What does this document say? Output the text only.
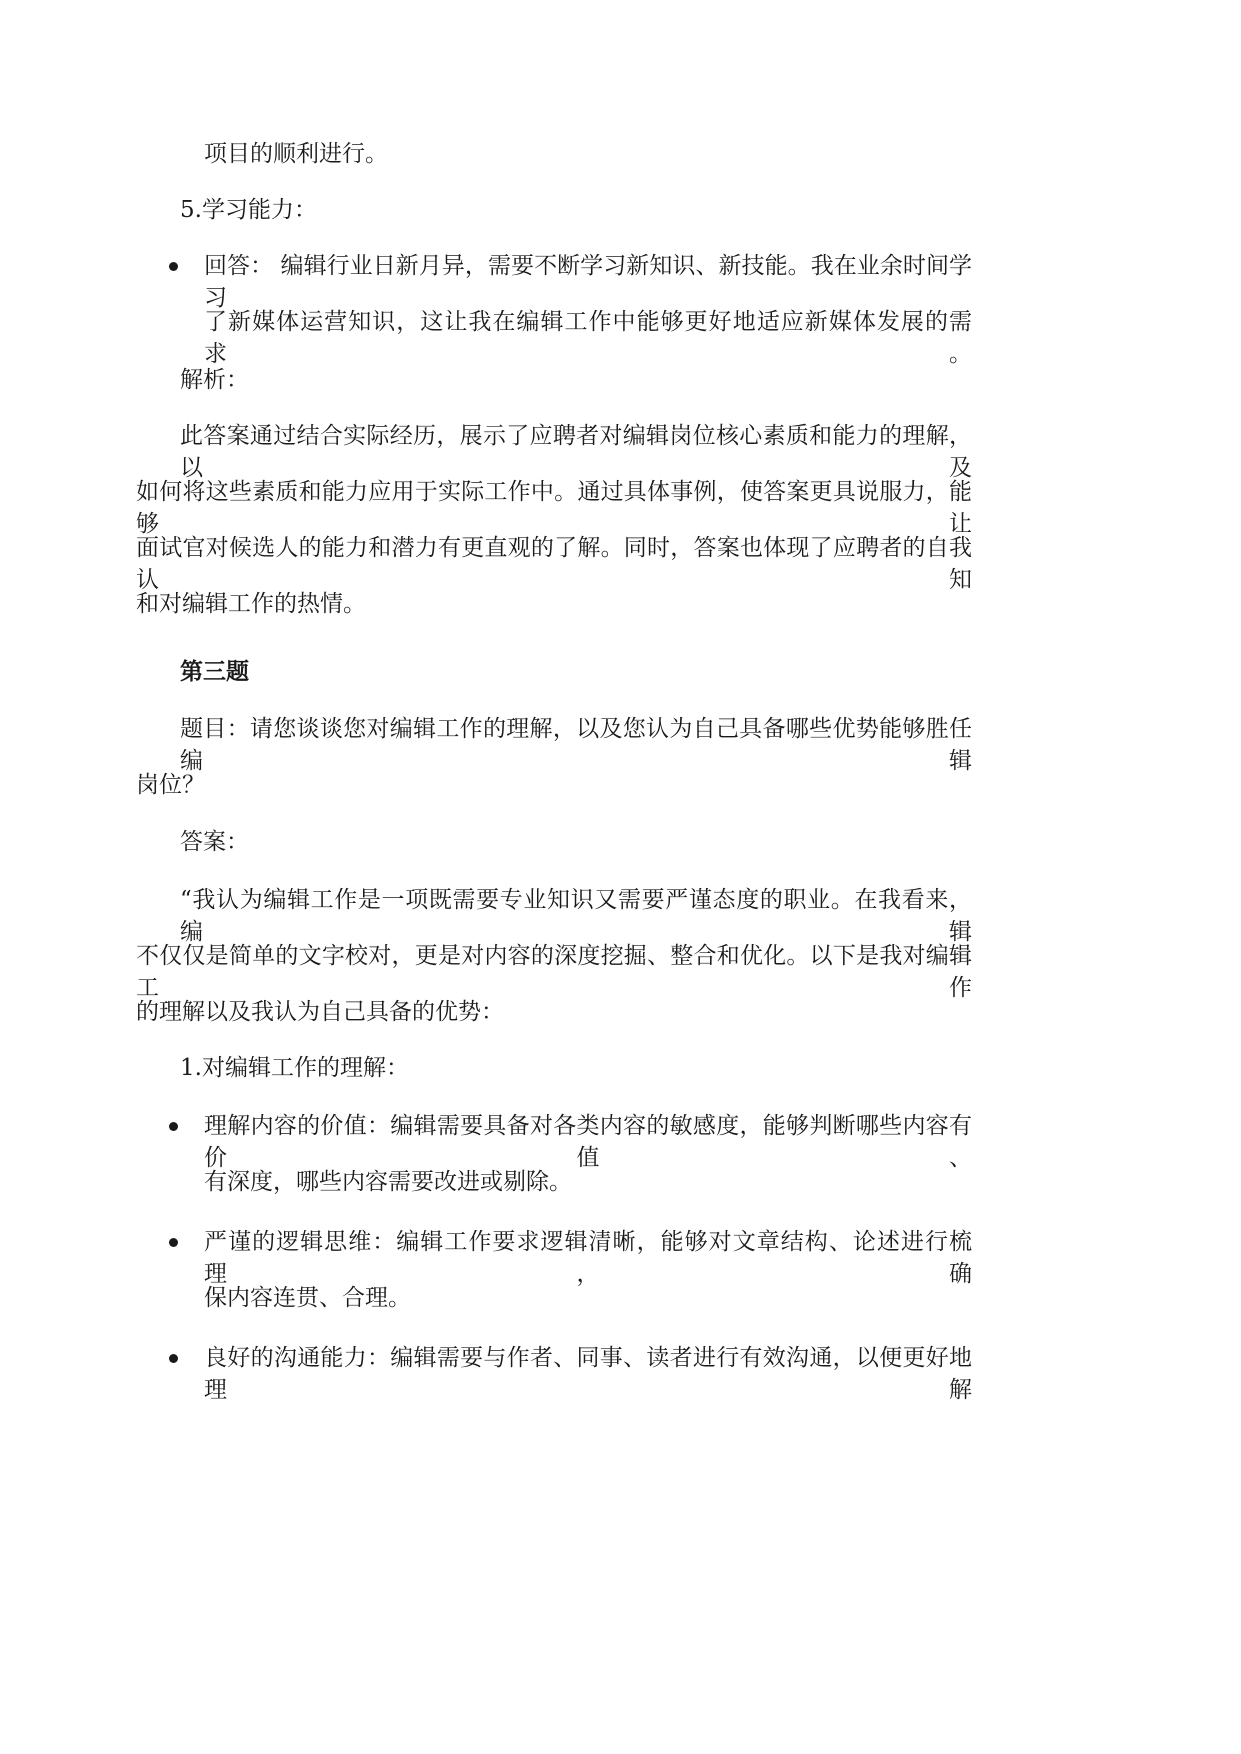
项目的顺利进行。
5.学习能力：
回答： 编辑行业日新月异，需要不断学习新知识、新技能。我在业余时间学习
了新媒体运营知识，这让我在编辑工作中能够更好地适应新媒体发展的需求。
解析：
此答案通过结合实际经历，展示了应聘者对编辑岗位核心素质和能力的理解，以及
如何将这些素质和能力应用于实际工作中。通过具体事例，使答案更具说服力，能够让
面试官对候选人的能力和潜力有更直观的了解。同时，答案也体现了应聘者的自我认知
和对编辑工作的热情。
第三题
题目：请您谈谈您对编辑工作的理解，以及您认为自己具备哪些优势能够胜任编辑
岗位？
答案：
“我认为编辑工作是一项既需要专业知识又需要严谨态度的职业。在我看来，编辑
不仅仅是简单的文字校对，更是对内容的深度挖掘、整合和优化。以下是我对编辑工作
的理解以及我认为自己具备的优势：
1.对编辑工作的理解：
理解内容的价值：编辑需要具备对各类内容的敏感度，能够判断哪些内容有价值、
有深度，哪些内容需要改进或剔除。
严谨的逻辑思维：编辑工作要求逻辑清晰，能够对文章结构、论述进行梳理，确
保内容连贯、合理。
良好的沟通能力：编辑需要与作者、同事、读者进行有效沟通，以便更好地理解
